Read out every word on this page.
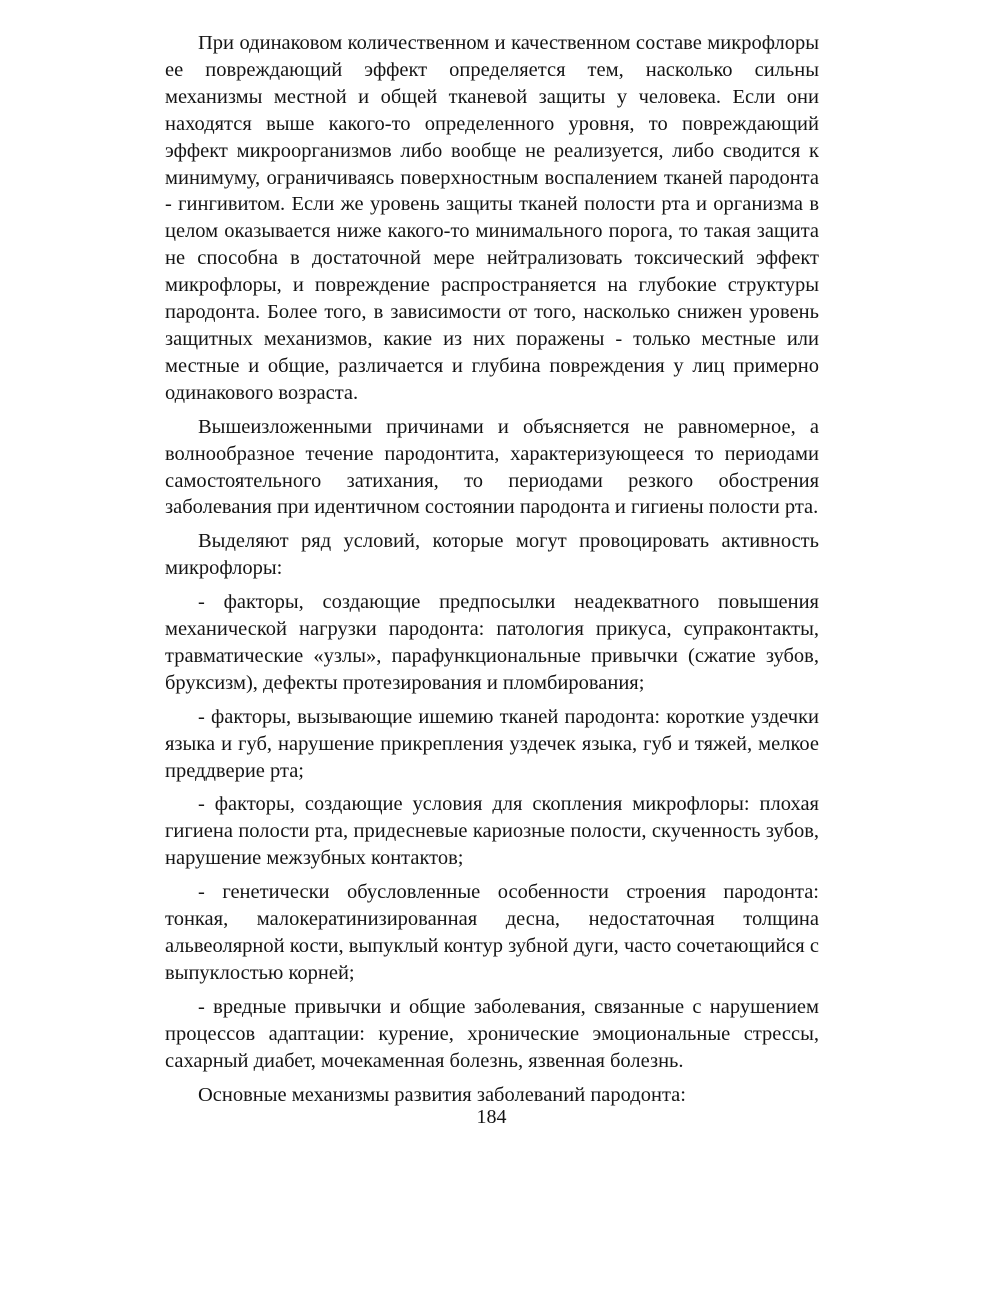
При одинаковом количественном и качественном составе микрофлоры ее повреждающий эффект определяется тем, насколько сильны механизмы местной и общей тканевой защиты у человека. Если они находятся выше какого-то определенного уровня, то повреждающий эффект микроорганизмов либо вообще не реализуется, либо сводится к минимуму, ограничиваясь поверхностным воспалением тканей пародонта - гингивитом. Если же уровень защиты тканей полости рта и организма в целом оказывается ниже какого-то минимального порога, то такая защита не способна в достаточной мере нейтрализовать токсический эффект микрофлоры, и повреждение распространяется на глубокие структуры пародонта. Более того, в зависимости от того, насколько снижен уровень защитных механизмов, какие из них поражены - только местные или местные и общие, различается и глубина повреждения у лиц примерно одинакового возраста.

Вышеизложенными причинами и объясняется не равномерное, а волнообразное течение пародонтита, характеризующееся то периодами самостоятельного затихания, то периодами резкого обострения заболевания при идентичном состоянии пародонта и гигиены полости рта.

Выделяют ряд условий, которые могут провоцировать активность микрофлоры:

- факторы, создающие предпосылки неадекватного повышения механической нагрузки пародонта: патология прикуса, супраконтакты, травматические «узлы», парафункциональные привычки (сжатие зубов, бруксизм), дефекты протезирования и пломбирования;

- факторы, вызывающие ишемию тканей пародонта: короткие уздечки языка и губ, нарушение прикрепления уздечек языка, губ и тяжей, мелкое преддверие рта;

- факторы, создающие условия для скопления микрофлоры: плохая гигиена полости рта, придесневые кариозные полости, скученность зубов, нарушение межзубных контактов;

- генетически обусловленные особенности строения пародонта: тонкая, малокератинизированная десна, недостаточная толщина альвеолярной кости, выпуклый контур зубной дуги, часто сочетающийся с выпуклостью корней;

- вредные привычки и общие заболевания, связанные с нарушением процессов адаптации: курение, хронические эмоциональные стрессы, сахарный диабет, мочекаменная болезнь, язвенная болезнь.

Основные механизмы развития заболеваний пародонта:

184
